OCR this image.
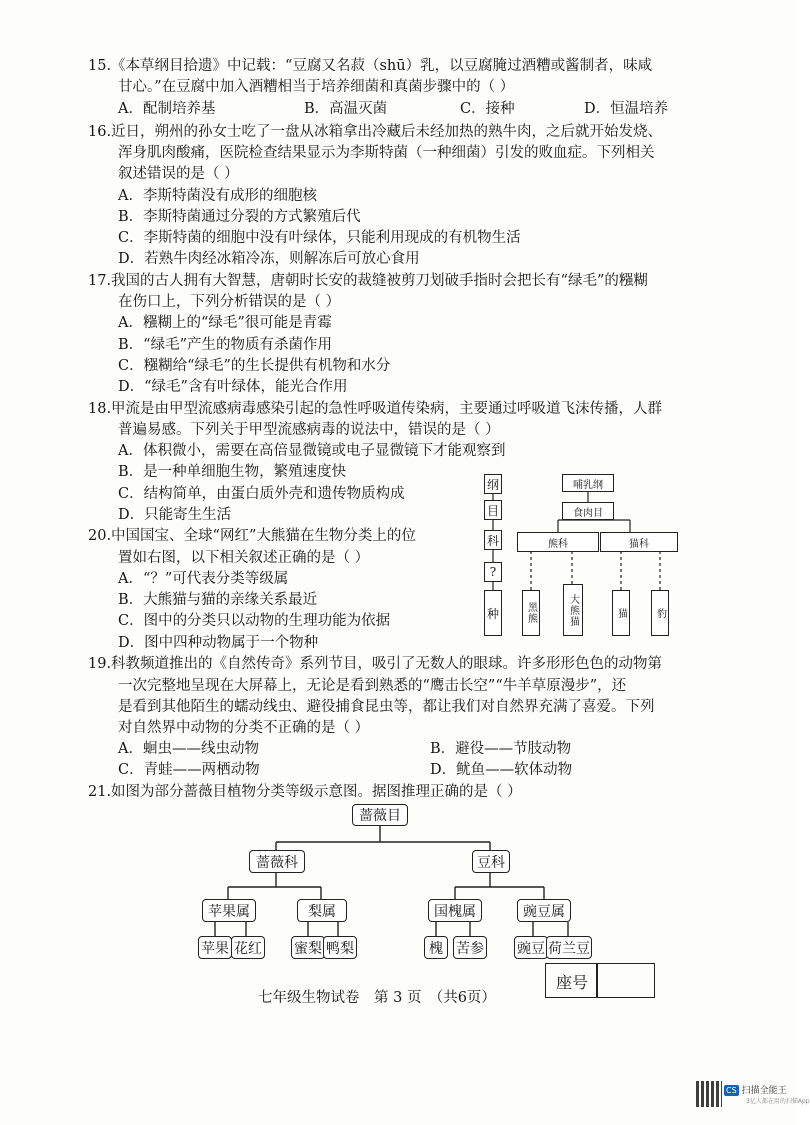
15.《本草纲目拾遗》中记载：“豆腐又名菽（shū）乳，以豆腐腌过酒糟或酱制者，味咸
甘心。”在豆腐中加入酒糟相当于培养细菌和真菌步骤中的（ ）
A．配制培养基	B．高温灭菌	C．接种	D．恒温培养
16.近日，朔州的孙女士吃了一盘从冰箱拿出冷藏后未经加热的熟牛肉，之后就开始发烧、
浑身肌肉酸痛，医院检查结果显示为李斯特菌（一种细菌）引发的败血症。下列相关
叙述错误的是（ ）
A．李斯特菌没有成形的细胞核
B．李斯特菌通过分裂的方式繁殖后代
C．李斯特菌的细胞中没有叶绿体，只能利用现成的有机物生活
D．若熟牛肉经冰箱冷冻，则解冻后可放心食用
17.我国的古人拥有大智慧，唐朝时长安的裁缝被剪刀划破手指时会把长有“绿毛”的糨糊
在伤口上，下列分析错误的是（ ）
A．糨糊上的“绿毛”很可能是青霉
B．“绿毛”产生的物质有杀菌作用
C．糨糊给“绿毛”的生长提供有机物和水分
D．“绿毛”含有叶绿体，能光合作用
18.甲流是由甲型流感病毒感染引起的急性呼吸道传染病，主要通过呼吸道飞沫传播，人群
普遍易感。下列关于甲型流感病毒的说法中，错误的是（ ）
A．体积微小，需要在高倍显微镜或电子显微镜下才能观察到
B．是一种单细胞生物，繁殖速度快
C．结构简单，由蛋白质外壳和遗传物质构成
D．只能寄生生活
20.中国国宝、全球“网红”大熊猫在生物分类上的位
置如右图，以下相关叙述正确的是（ ）
A．“？”可代表分类等级属
B．大熊猫与猫的亲缘关系最近
C．图中的分类只以动物的生理功能为依据
D．图中四种动物属于一个物种
纲
目
科
?
种
哺乳纲
食肉目
熊科	猫科
黑熊	大熊猫	猫	豹
19.科教频道推出的《自然传奇》系列节目，吸引了无数人的眼球。许多形形色色的动物第
一次完整地呈现在大屏幕上，无论是看到熟悉的“鹰击长空”“牛羊草原漫步”，还
是看到其他陌生的蠕动线虫、避役捕食昆虫等，都让我们对自然界充满了喜爱。下列
对自然界中动物的分类不正确的是（ ）
A．蛔虫——线虫动物	B．避役——节肢动物
C．青蛙——两栖动物	D．鱿鱼——软体动物
21.如图为部分蔷薇目植物分类等级示意图。据图推理正确的是（ ）
蔷薇目
蔷薇科	豆科
苹果属	梨属	国槐属	豌豆属
苹果 花红 蜜梨 鸭梨	槐 苦参 豌豆 荷兰豆
七年级生物试卷　第 3 页　（共6页）
座号
CS 扫描全能王
3亿人都在用的扫描App
